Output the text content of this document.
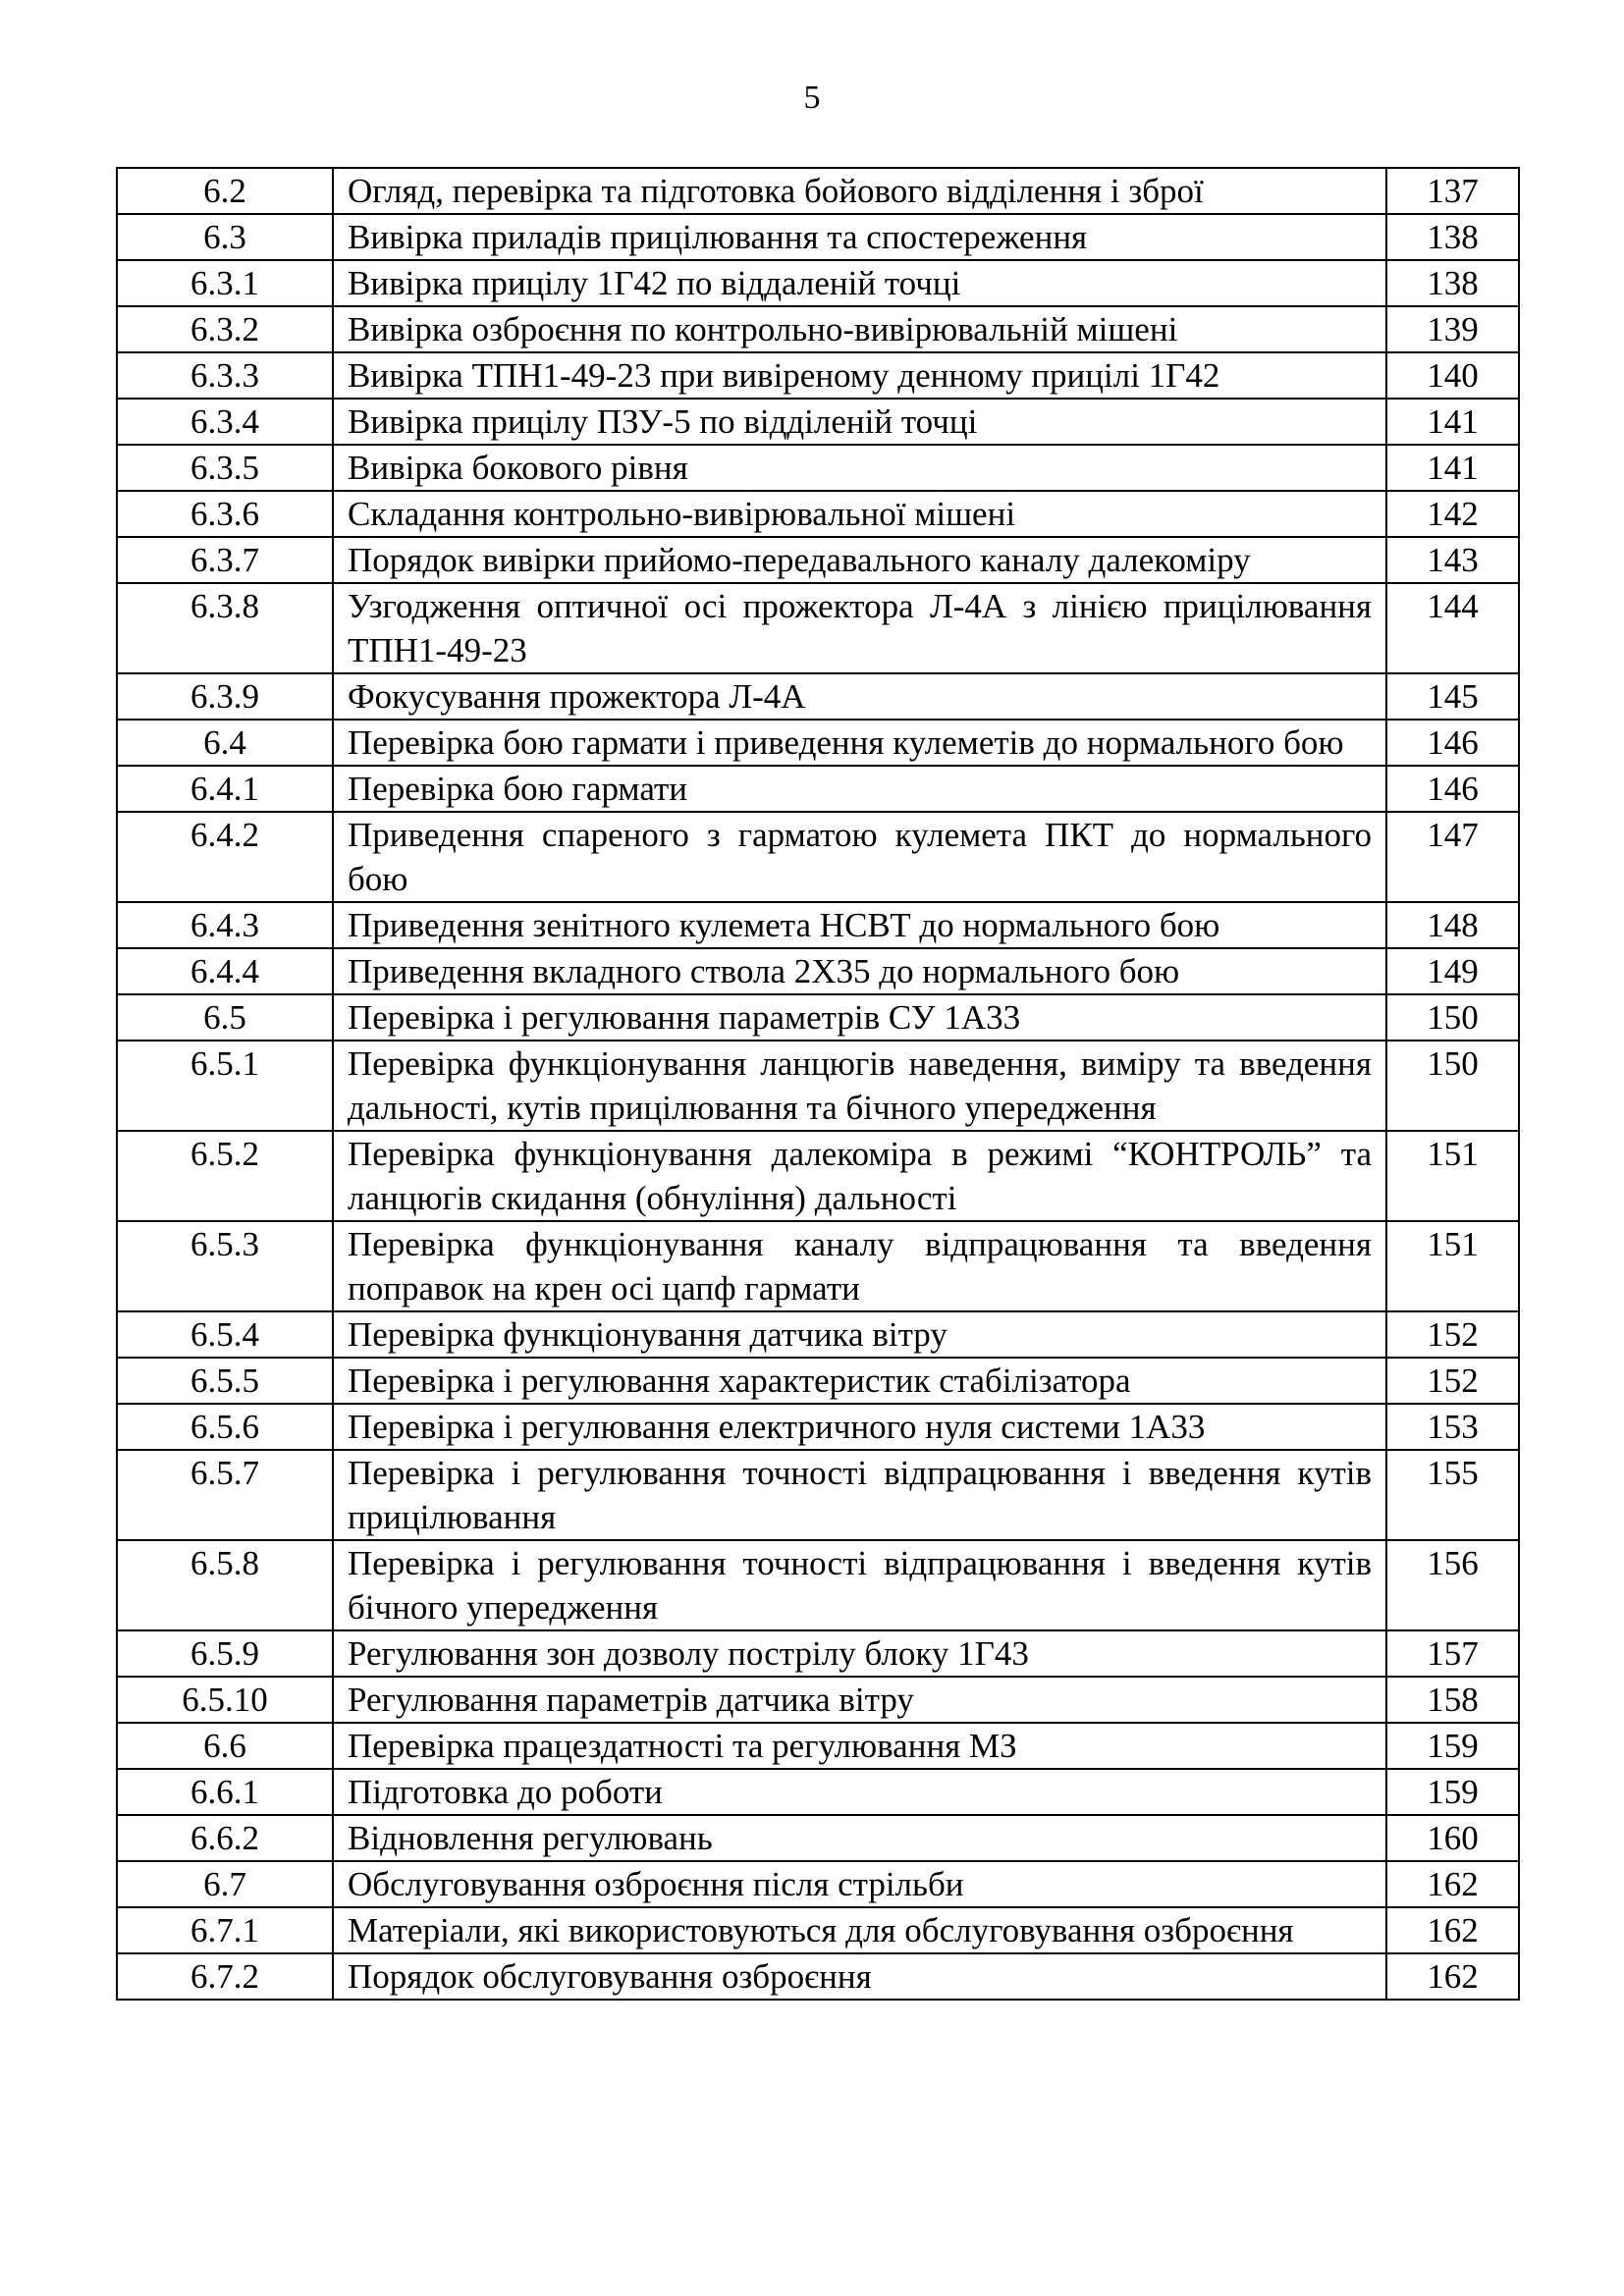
5
6.2	Огляд, перевірка та підготовка бойового відділення і зброї	137
6.3	Вивірка приладів прицілювання та спостереження	138
6.3.1	Вивірка прицілу 1Г42 по віддаленій точці	138
6.3.2	Вивірка озброєння по контрольно-вивірювальній мішені	139
6.3.3	Вивірка ТПН1-49-23 при вивіреному денному прицілі 1Г42	140
6.3.4	Вивірка прицілу ПЗУ-5 по відділеній точці	141
6.3.5	Вивірка бокового рівня	141
6.3.6	Складання контрольно-вивірювальної мішені	142
6.3.7	Порядок вивірки прийомо-передавального каналу далекоміру	143
6.3.8	Узгодження оптичної осі прожектора Л-4А з лінією прицілювання ТПН1-49-23	144
6.3.9	Фокусування прожектора Л-4А	145
6.4	Перевірка бою гармати і приведення кулеметів до нормального бою	146
6.4.1	Перевірка бою гармати	146
6.4.2	Приведення спареного з гарматою кулемета ПКТ до нормального бою	147
6.4.3	Приведення зенітного кулемета НСВТ до нормального бою	148
6.4.4	Приведення вкладного ствола 2Х35 до нормального бою	149
6.5	Перевірка і регулювання параметрів СУ 1А33	150
6.5.1	Перевірка функціонування ланцюгів наведення, виміру та введення дальності, кутів прицілювання та бічного упередження	150
6.5.2	Перевірка функціонування далекоміра в режимі “КОНТРОЛЬ” та ланцюгів скидання (обнуління) дальності	151
6.5.3	Перевірка функціонування каналу відпрацювання та введення поправок на крен осі цапф гармати	151
6.5.4	Перевірка функціонування датчика вітру	152
6.5.5	Перевірка і регулювання характеристик стабілізатора	152
6.5.6	Перевірка і регулювання електричного нуля системи 1А33	153
6.5.7	Перевірка і регулювання точності відпрацювання і введення кутів прицілювання	155
6.5.8	Перевірка і регулювання точності відпрацювання і введення кутів бічного упередження	156
6.5.9	Регулювання зон дозволу пострілу блоку 1Г43	157
6.5.10	Регулювання параметрів датчика вітру	158
6.6	Перевірка працездатності та регулювання МЗ	159
6.6.1	Підготовка до роботи	159
6.6.2	Відновлення регулювань	160
6.7	Обслуговування озброєння після стрільби	162
6.7.1	Матеріали, які використовуються для обслуговування озброєння	162
6.7.2	Порядок обслуговування озброєння	162
